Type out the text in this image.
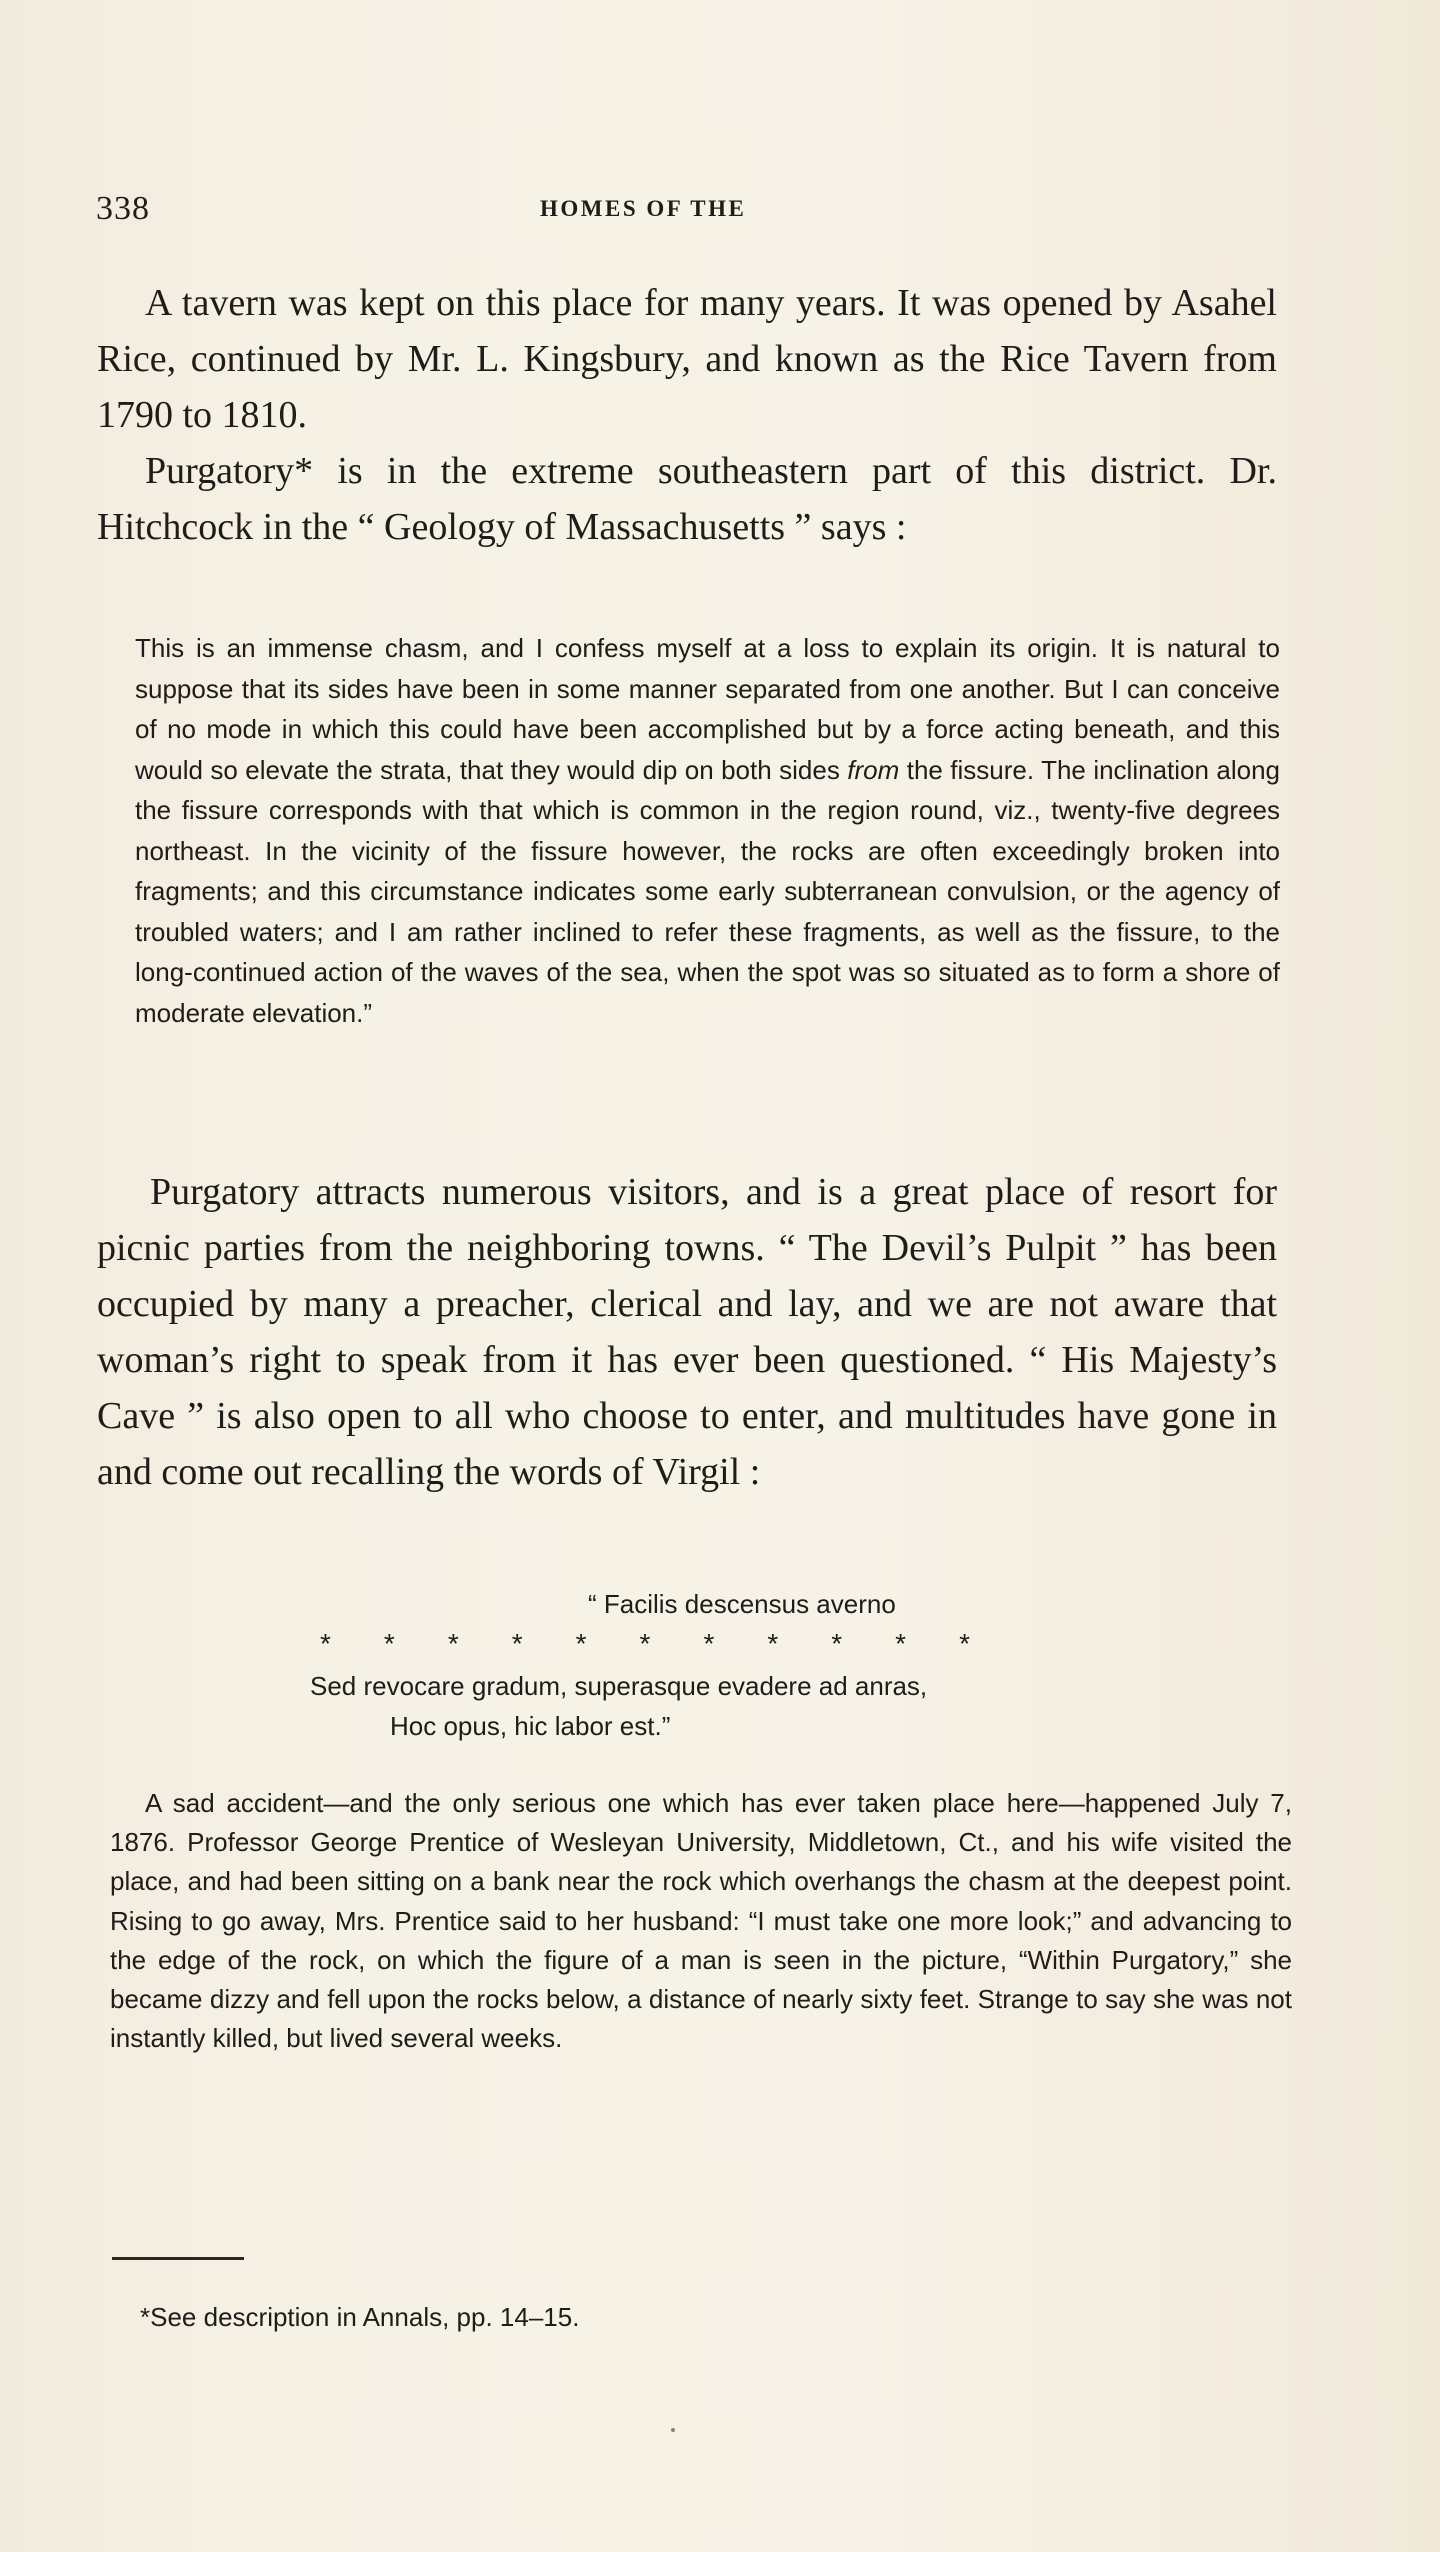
338	HOMES OF THE

A tavern was kept on this place for many years. It was opened by Asahel Rice, continued by Mr. L. Kingsbury, and known as the Rice Tavern from 1790 to 1810.

Purgatory* is in the extreme southeastern part of this district. Dr. Hitchcock in the “ Geology of Massachusetts ” says :

This is an immense chasm, and I confess myself at a loss to explain its origin. It is natural to suppose that its sides have been in some manner separated from one another. But I can conceive of no mode in which this could have been accomplished but by a force acting beneath, and this would so elevate the strata, that they would dip on both sides from the fissure. The inclination along the fissure corresponds with that which is common in the region round, viz., twenty-five degrees northeast. In the vicinity of the fissure however, the rocks are often exceedingly broken into fragments; and this circumstance indicates some early subterranean convulsion, or the agency of troubled waters; and I am rather inclined to refer these fragments, as well as the fissure, to the long-continued action of the waves of the sea, when the spot was so situated as to form a shore of moderate elevation.”
Purgatory attracts numerous visitors, and is a great place of resort for picnic parties from the neighboring towns. “ The Devil’s Pulpit ” has been occupied by many a preacher, clerical and lay, and we are not aware that woman’s right to speak from it has ever been questioned. “ His Majesty’s Cave ” is also open to all who choose to enter, and multitudes have gone in and come out recalling the words of Virgil :
“ Facilis descensus averno
* * * * * * * * * * *
Sed revocare gradum, superasque evadere ad anras,
Hoc opus, hic labor est.”
A sad accident—and the only serious one which has ever taken place here—happened July 7, 1876. Professor George Prentice of Wesleyan University, Middletown, Ct., and his wife visited the place, and had been sitting on a bank near the rock which overhangs the chasm at the deepest point. Rising to go away, Mrs. Prentice said to her husband: “I must take one more look;” and advancing to the edge of the rock, on which the figure of a man is seen in the picture, “Within Purgatory,” she became dizzy and fell upon the rocks below, a distance of nearly sixty feet. Strange to say she was not instantly killed, but lived several weeks.
*See description in Annals, pp. 14–15.
